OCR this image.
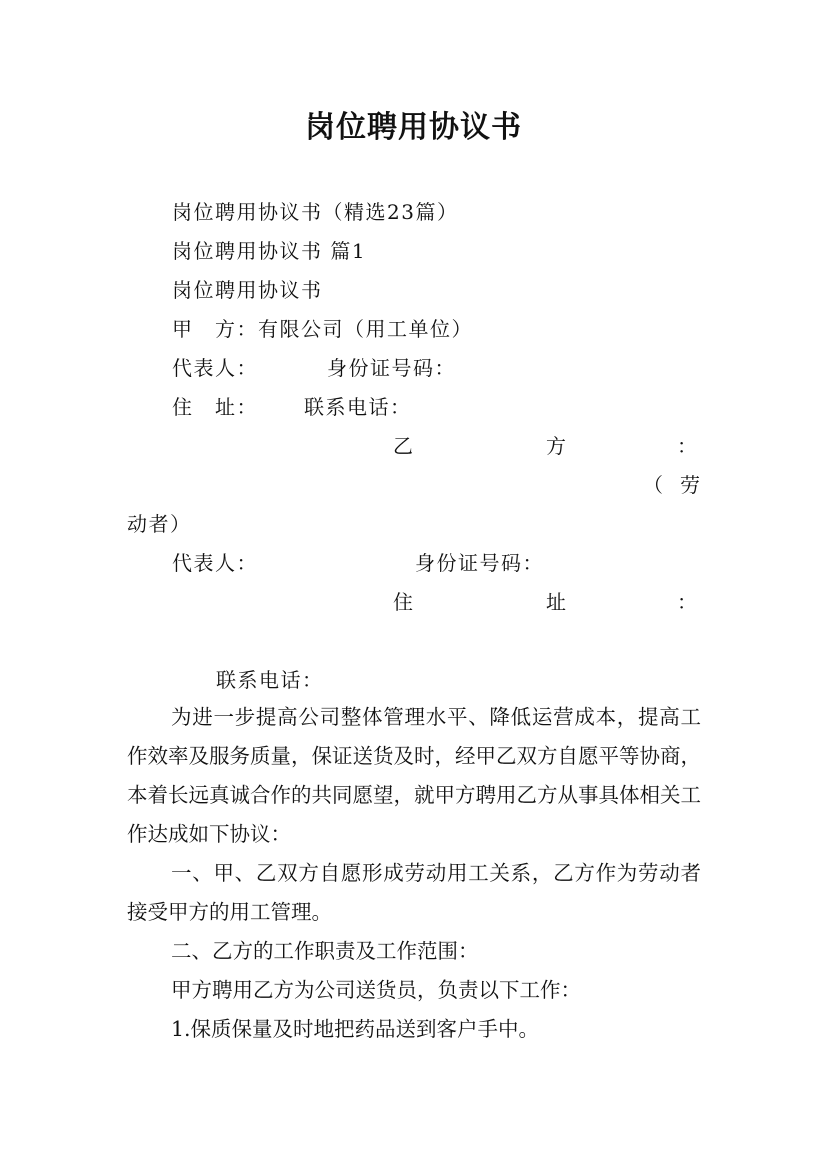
岗位聘用协议书
岗位聘用协议书（精选23篇）
岗位聘用协议书 篇1
岗位聘用协议书
甲　方： 有限公司（用工单位）
代表人：	身份证号码：
住　址： 联系电话：
乙	方	：
（ 劳
动者）
代表人：	身份证号码：
住	址	：
联系电话：

为进一步提高公司整体管理水平、降低运营成本，提高工作效率及服务质量，保证送货及时，经甲乙双方自愿平等协商，本着长远真诚合作的共同愿望，就甲方聘用乙方从事具体相关工作达成如下协议：

一、甲、乙双方自愿形成劳动用工关系，乙方作为劳动者接受甲方的用工管理。

二、乙方的工作职责及工作范围：

甲方聘用乙方为公司送货员，负责以下工作：

1.保质保量及时地把药品送到客户手中。
